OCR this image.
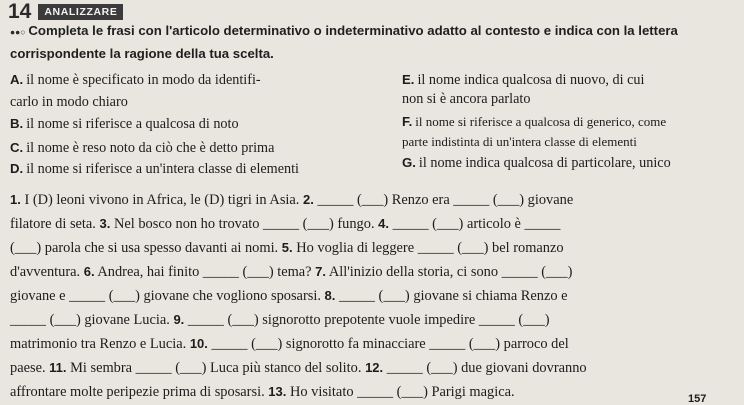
14	ANALIZZARE
●●○ Completa le frasi con l'articolo determinativo o indeterminativo adatto al contesto e indica con la lettera
corrispondente la ragione della tua scelta.
A. il nome è specificato in modo da identifi-
carlo in modo chiaro
B. il nome si riferisce a qualcosa di noto
C. il nome è reso noto da ciò che è detto prima
D. il nome si riferisce a un'intera classe di elementi
E. il nome indica qualcosa di nuovo, di cui
non si è ancora parlato
F. il nome si riferisce a qualcosa di generico, come
parte indistinta di un'intera classe di elementi
G. il nome indica qualcosa di particolare, unico
1. I (D) leoni vivono in Africa, le (D) tigri in Asia. 2. _____ (___) Renzo era _____ (___) giovane
filatore di seta. 3. Nel bosco non ho trovato _____ (___) fungo. 4. _____ (___) articolo è _____
(___) parola che si usa spesso davanti ai nomi. 5. Ho voglia di leggere _____ (___) bel romanzo
d'avventura. 6. Andrea, hai finito _____ (___) tema? 7. All'inizio della storia, ci sono _____ (___)
giovane e _____ (___) giovane che vogliono sposarsi. 8. _____ (___) giovane si chiama Renzo e
_____ (___) giovane Lucia. 9. _____ (___) signorotto prepotente vuole impedire _____ (___)
matrimonio tra Renzo e Lucia. 10. _____ (___) signorotto fa minacciare _____ (___) parroco del
paese. 11. Mi sembra _____ (___) Luca più stanco del solito. 12. _____ (___) due giovani dovranno
affrontare molte peripezie prima di sposarsi. 13. Ho visitato _____ (___) Parigi magica.	157
